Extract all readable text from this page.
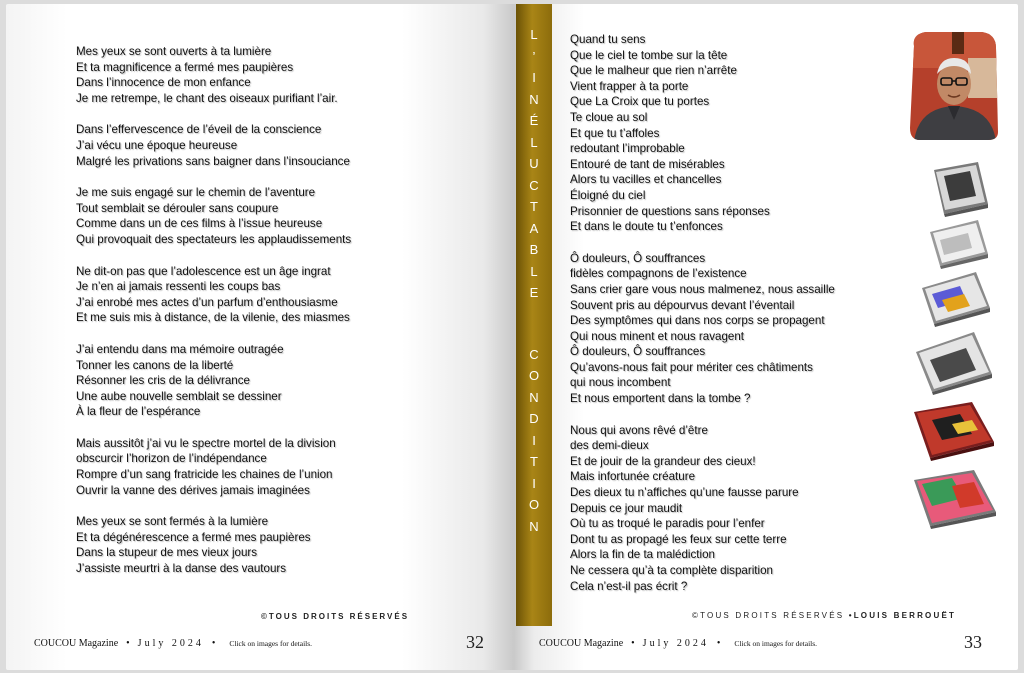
Mes yeux se sont ouverts à ta lumière
Et ta magnificence a fermé mes paupières
Dans l’innocence de mon enfance
Je me retrempe, le chant des oiseaux purifiant l’air.
Dans l’effervescence de l’éveil de la conscience
J’ai vécu une époque heureuse
Malgré les privations sans baigner dans l’insouciance
Je me suis engagé sur le chemin de l’aventure
Tout semblait se dérouler sans coupure
Comme dans un de ces films à l’issue heureuse
Qui provoquait des spectateurs les applaudissements
Ne dit-on pas que l’adolescence est un âge ingrat
Je n’en ai jamais ressenti les coups bas
J’ai enrobé mes actes d’un parfum d’enthousiasme
Et me suis mis à distance, de la vilenie, des miasmes
J’ai entendu dans ma mémoire outragée
Tonner les canons de la liberté
Résonner les cris de la délivrance
Une aube nouvelle semblait se dessiner
À la fleur de l’espérance
Mais aussitôt j’ai vu le spectre mortel de la division
obscurcir l’horizon de l’indépendance
Rompre d’un sang fratricide les chaines de l’union
Ouvrir la vanne des dérives jamais imaginées
Mes yeux se sont fermés à la lumière
Et ta dégénérescence a fermé mes paupières
Dans la stupeur de mes vieux jours
J’assiste meurtri à la danse des vautours
©TOUS DROITS RÉSERVÉS
COUCOU Magazine • July 2024 • Click on images for details.	32
Quand tu sens
Que le ciel te tombe sur la tête
Que le malheur que rien n’arrête
Vient frapper à ta porte
Que La Croix que tu portes
Te cloue au sol
Et que tu t’affoles
redoutant l’improbable
Entouré de tant de misérables
Alors tu vacilles et chancelles
Éloigné du ciel
Prisonnier de questions sans réponses
Et dans le doute tu t’enfonces
Ô douleurs, Ô souffrances
fidèles compagnons de l’existence
Sans crier gare vous nous malmenez, nous assaille
Souvent pris au dépourvus devant l’éventail
Des symptômes qui dans nos corps se propagent
Qui nous minent et nous ravagent
Ô douleurs, Ô souffrances
Qu’avons-nous fait pour mériter ces châtiments
qui nous incombent
Et nous emportent dans la tombe ?
Nous qui avons rêvé d’être
des demi-dieux
Et de jouir de la grandeur des cieux!
Mais infortunée créature
Des dieux tu n’affiches qu’une fausse parure
Depuis ce jour maudit
Où tu as troqué le paradis pour l’enfer
Dont tu as propagé les feux sur cette terre
Alors la fin de ta malédiction
Ne cessera qu’à ta complète disparition
Cela n’est-il pas écrit ?
©TOUS DROITS RÉSERVÉS •LOUIS BERROUËT
COUCOU Magazine • July 2024 • Click on images for details.	33
L
’
I
N
É
L
U
C
T
A
B
L
E
C
O
N
D
I
T
I
O
N
